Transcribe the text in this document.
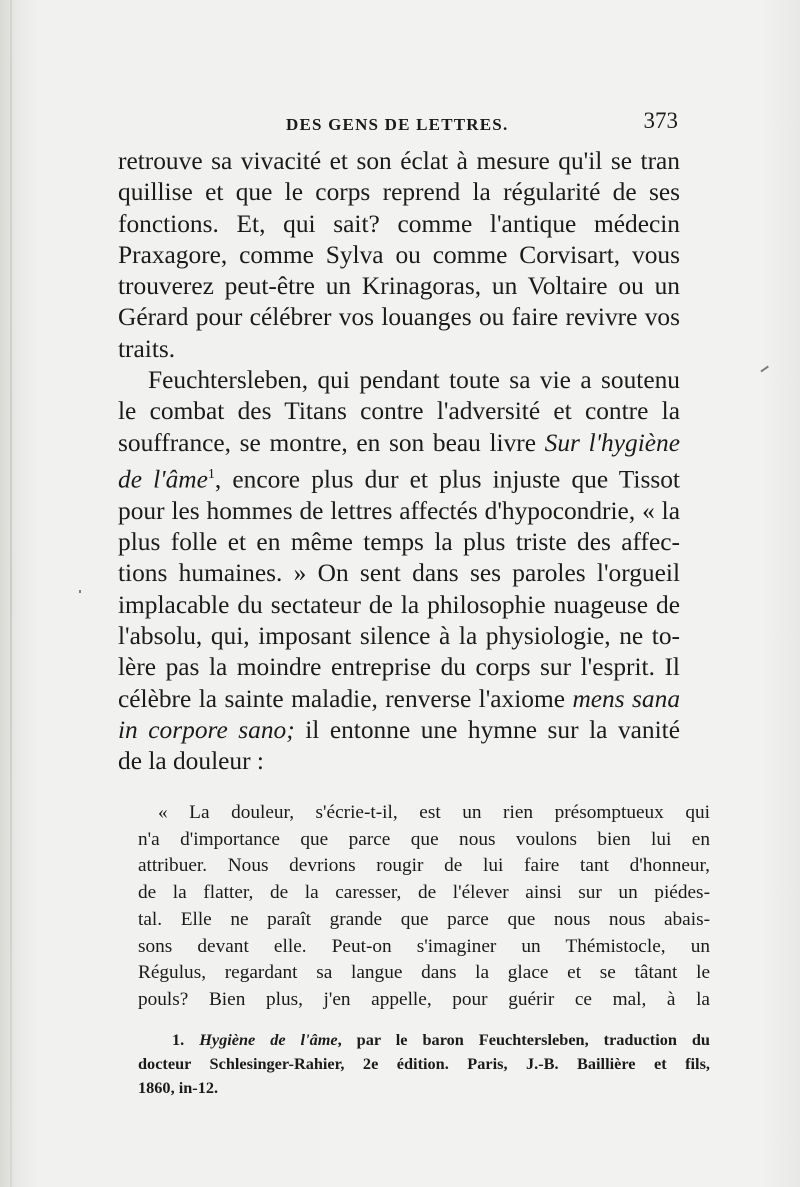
DES GENS DE LETTRES.	373
retrouve sa vivacité et son éclat à mesure qu'il se tran
quillise et que le corps reprend la régularité de ses
fonctions. Et, qui sait? comme l'antique médecin
Praxagore, comme Sylva ou comme Corvisart, vous
trouverez peut-être un Krinagoras, un Voltaire ou un
Gérard pour célébrer vos louanges ou faire revivre vos
traits.
Feuchtersleben, qui pendant toute sa vie a soutenu
le combat des Titans contre l'adversité et contre la
souffrance, se montre, en son beau livre Sur l'hygiène
de l'âme$^1$, encore plus dur et plus injuste que Tissot
pour les hommes de lettres affectés d'hypocondrie, « la
plus folle et en même temps la plus triste des affec-
tions humaines. » On sent dans ses paroles l'orgueil
implacable du sectateur de la philosophie nuageuse de
l'absolu, qui, imposant silence à la physiologie, ne to-
lère pas la moindre entreprise du corps sur l'esprit. Il
célèbre la sainte maladie, renverse l'axiome mens sana
in corpore sano; il entonne une hymne sur la vanité
de la douleur :
« La douleur, s'écrie-t-il, est un rien présomptueux qui
n'a d'importance que parce que nous voulons bien lui en
attribuer. Nous devrions rougir de lui faire tant d'honneur,
de la flatter, de la caresser, de l'élever ainsi sur un piédes-
tal. Elle ne paraît grande que parce que nous nous abais-
sons devant elle. Peut-on s'imaginer un Thémistocle, un
Régulus, regardant sa langue dans la glace et se tâtant le
pouls? Bien plus, j'en appelle, pour guérir ce mal, à la
1. Hygiène de l'âme, par le baron Feuchtersleben, traduction du
docteur Schlesinger-Rahier, 2e édition. Paris, J.-B. Baillière et fils,
1860, in-12.
